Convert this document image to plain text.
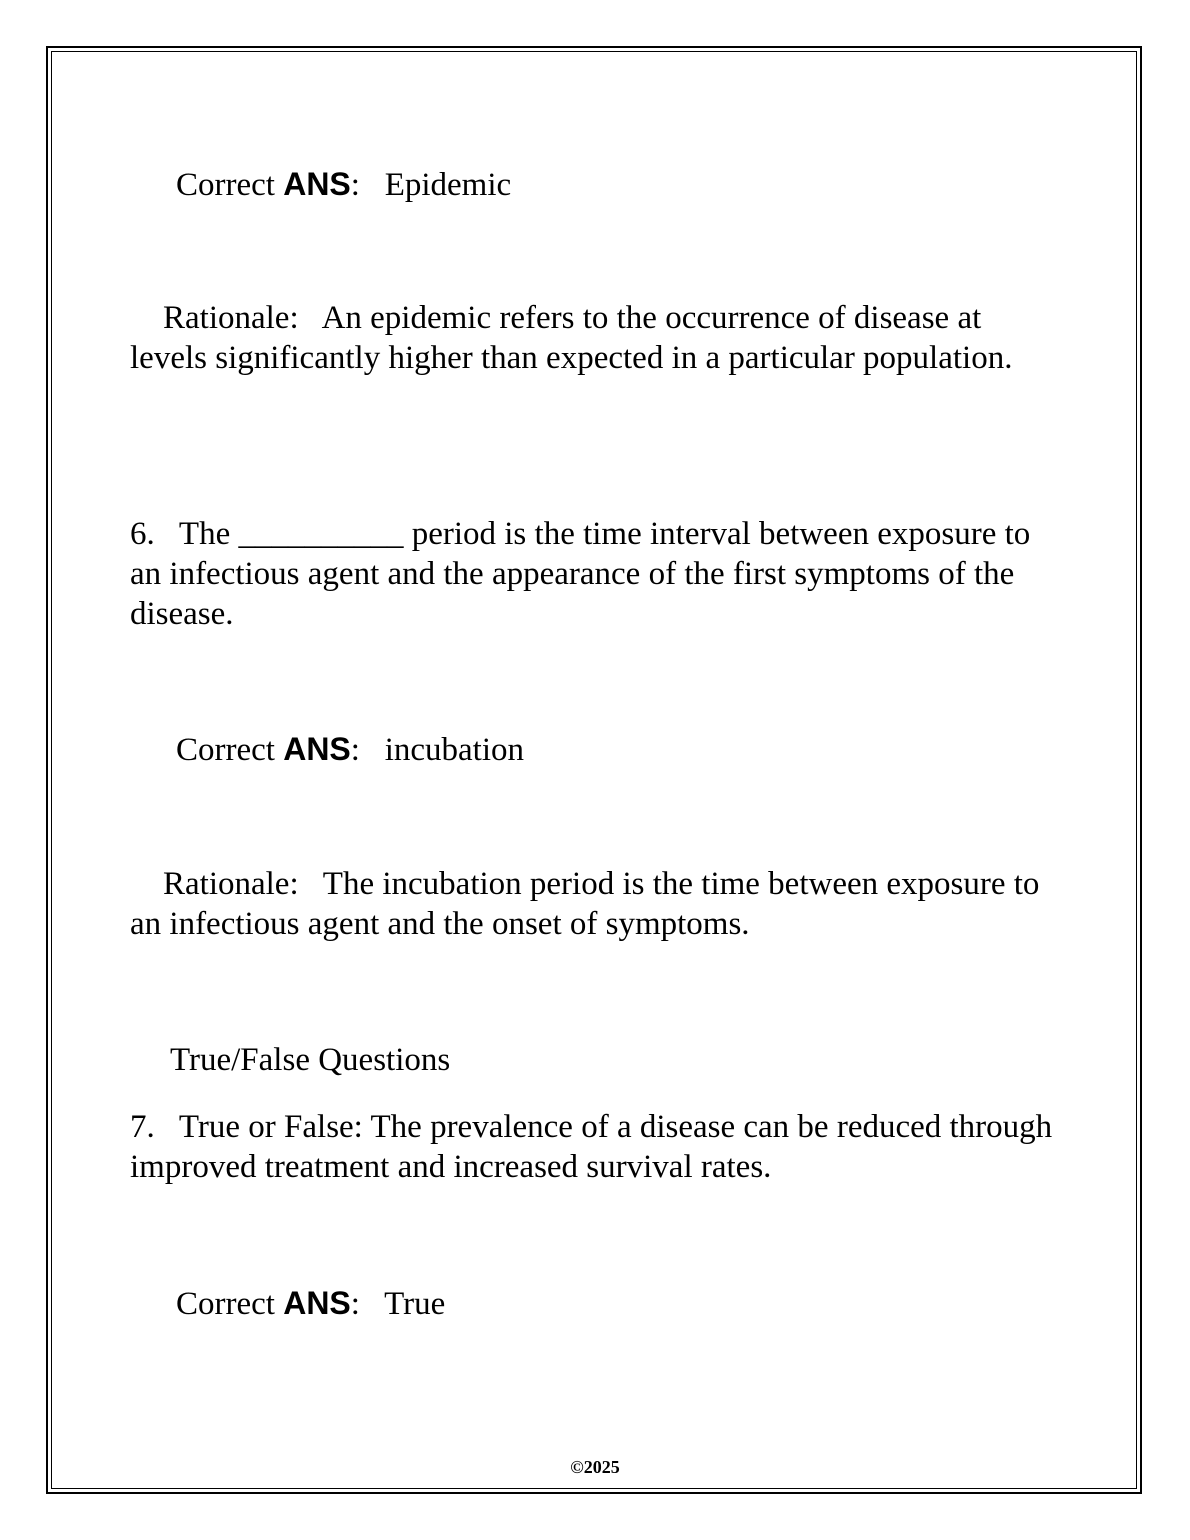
Correct ANS: Epidemic

Rationale: An epidemic refers to the occurrence of disease at levels significantly higher than expected in a particular population.

6. The __________ period is the time interval between exposure to an infectious agent and the appearance of the first symptoms of the disease.

Correct ANS: incubation

Rationale: The incubation period is the time between exposure to an infectious agent and the onset of symptoms.

True/False Questions

7. True or False: The prevalence of a disease can be reduced through improved treatment and increased survival rates.

Correct ANS: True

©2025
